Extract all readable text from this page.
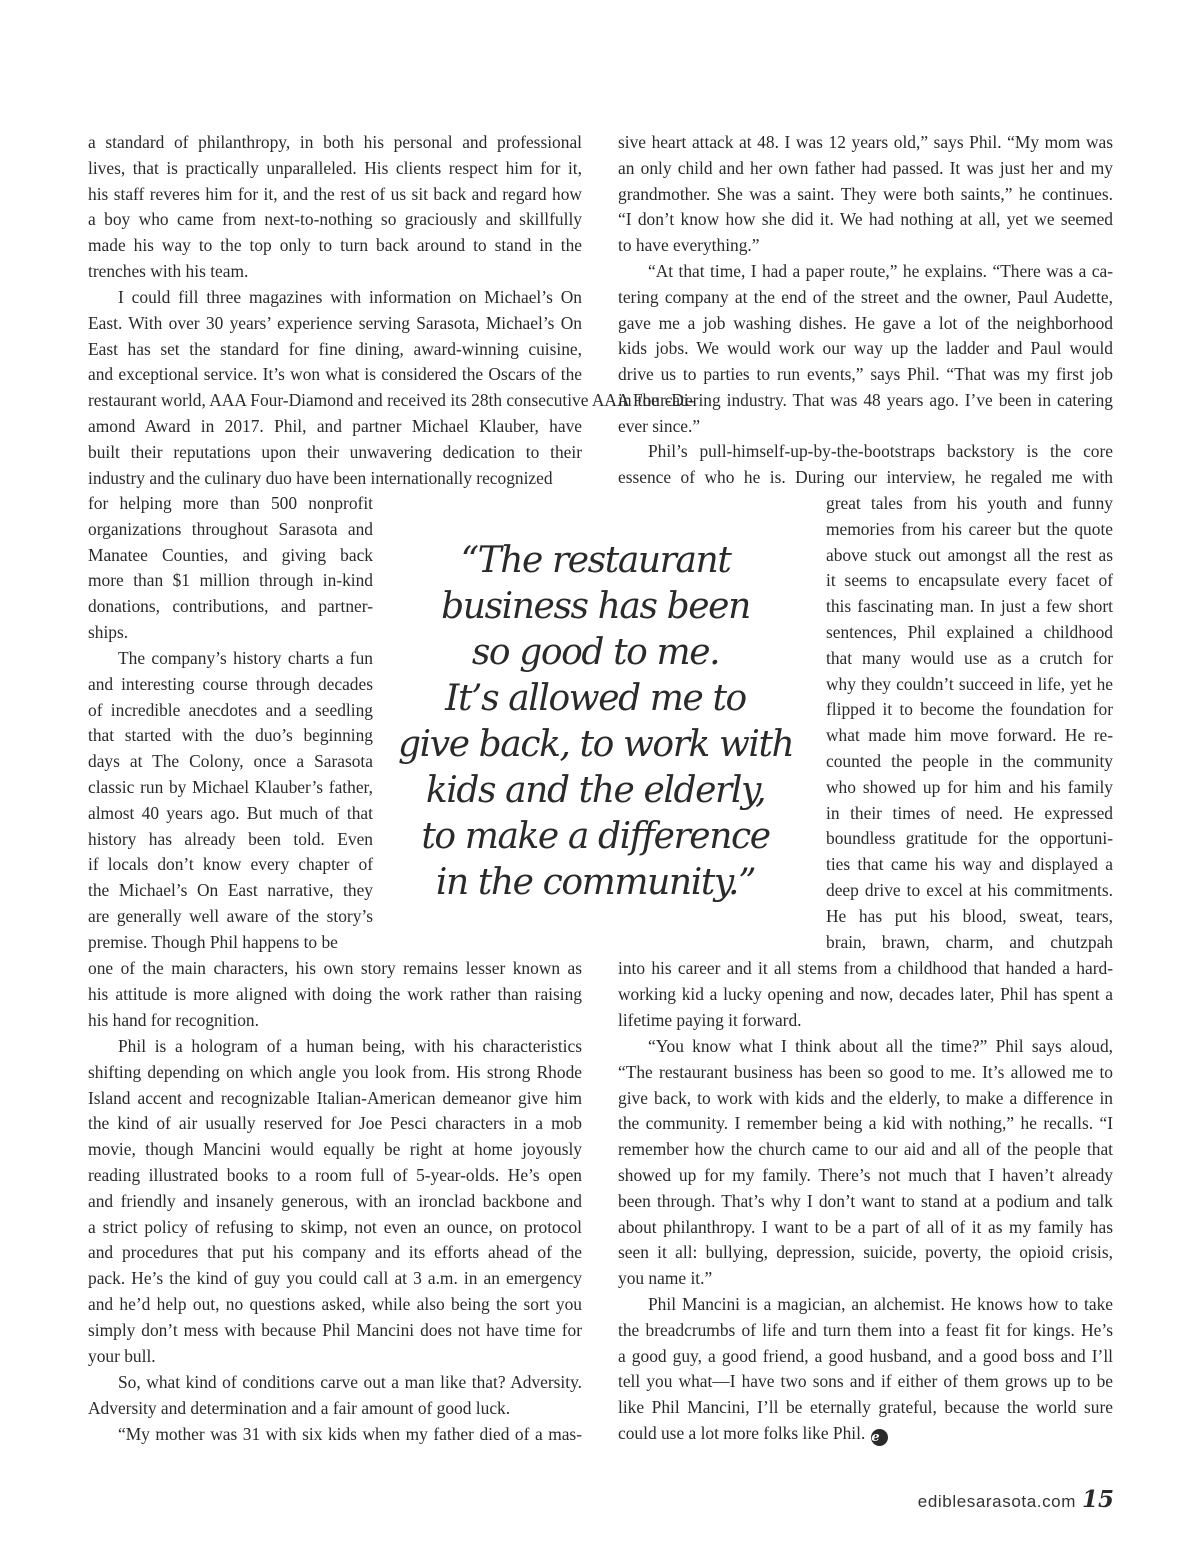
a standard of philanthropy, in both his personal and professional
lives, that is practically unparalleled. His clients respect him for it,
his staff reveres him for it, and the rest of us sit back and regard how
a boy who came from next-to-nothing so graciously and skillfully
made his way to the top only to turn back around to stand in the
trenches with his team.
I could fill three magazines with information on Michael’s On
East. With over 30 years’ experience serving Sarasota, Michael’s On
East has set the standard for fine dining, award-winning cuisine,
and exceptional service. It’s won what is considered the Oscars of the
restaurant world, AAA Four-Diamond and received its 28th consecutive AAA Four-Di-
amond Award in 2017. Phil, and partner Michael Klauber, have
built their reputations upon their unwavering dedication to their
industry and the culinary duo have been internationally recognized
for helping more than 500 nonprofit
organizations throughout Sarasota and
Manatee Counties, and giving back
more than $1 million through in-kind
donations, contributions, and partner-
ships.
The company’s history charts a fun
and interesting course through decades
of incredible anecdotes and a seedling
that started with the duo’s beginning
days at The Colony, once a Sarasota
classic run by Michael Klauber’s father,
almost 40 years ago. But much of that
history has already been told. Even
if locals don’t know every chapter of
the Michael’s On East narrative, they
are generally well aware of the story’s
premise. Though Phil happens to be
one of the main characters, his own story remains lesser known as
his attitude is more aligned with doing the work rather than raising
his hand for recognition.
Phil is a hologram of a human being, with his characteristics
shifting depending on which angle you look from. His strong Rhode
Island accent and recognizable Italian-American demeanor give him
the kind of air usually reserved for Joe Pesci characters in a mob
movie, though Mancini would equally be right at home joyously
reading illustrated books to a room full of 5-year-olds. He’s open
and friendly and insanely generous, with an ironclad backbone and
a strict policy of refusing to skimp, not even an ounce, on protocol
and procedures that put his company and its efforts ahead of the
pack. He’s the kind of guy you could call at 3 a.m. in an emergency
and he’d help out, no questions asked, while also being the sort you
simply don’t mess with because Phil Mancini does not have time for
your bull.
So, what kind of conditions carve out a man like that? Adversity.
Adversity and determination and a fair amount of good luck.
“My mother was 31 with six kids when my father died of a mas-
“The restaurant
business has been
so good to me.
It’s allowed me to
give back, to work with
kids and the elderly,
to make a difference
in the community.”
sive heart attack at 48. I was 12 years old,” says Phil. “My mom was
an only child and her own father had passed. It was just her and my
grandmother. She was a saint. They were both saints,” he continues.
“I don’t know how she did it. We had nothing at all, yet we seemed
to have everything.”
“At that time, I had a paper route,” he explains. “There was a ca-
tering company at the end of the street and the owner, Paul Audette,
gave me a job washing dishes. He gave a lot of the neighborhood
kids jobs. We would work our way up the ladder and Paul would
drive us to parties to run events,” says Phil. “That was my first job
in the catering industry. That was 48 years ago. I’ve been in catering
ever since.”
Phil’s pull-himself-up-by-the-bootstraps backstory is the core
essence of who he is. During our interview, he regaled me with
great tales from his youth and funny
memories from his career but the quote
above stuck out amongst all the rest as
it seems to encapsulate every facet of
this fascinating man. In just a few short
sentences, Phil explained a childhood
that many would use as a crutch for
why they couldn’t succeed in life, yet he
flipped it to become the foundation for
what made him move forward. He re-
counted the people in the community
who showed up for him and his family
in their times of need. He expressed
boundless gratitude for the opportuni-
ties that came his way and displayed a
deep drive to excel at his commitments.
He has put his blood, sweat, tears,
brain, brawn, charm, and chutzpah
into his career and it all stems from a childhood that handed a hard-
working kid a lucky opening and now, decades later, Phil has spent a
lifetime paying it forward.
“You know what I think about all the time?” Phil says aloud,
“The restaurant business has been so good to me. It’s allowed me to
give back, to work with kids and the elderly, to make a difference in
the community. I remember being a kid with nothing,” he recalls. “I
remember how the church came to our aid and all of the people that
showed up for my family. There’s not much that I haven’t already
been through. That’s why I don’t want to stand at a podium and talk
about philanthropy. I want to be a part of all of it as my family has
seen it all: bullying, depression, suicide, poverty, the opioid crisis,
you name it.”
Phil Mancini is a magician, an alchemist. He knows how to take
the breadcrumbs of life and turn them into a feast fit for kings. He’s
a good guy, a good friend, a good husband, and a good boss and I’ll
tell you what—I have two sons and if either of them grows up to be
like Phil Mancini, I’ll be eternally grateful, because the world sure
could use a lot more folks like Phil. e
ediblesarasota.com 15
